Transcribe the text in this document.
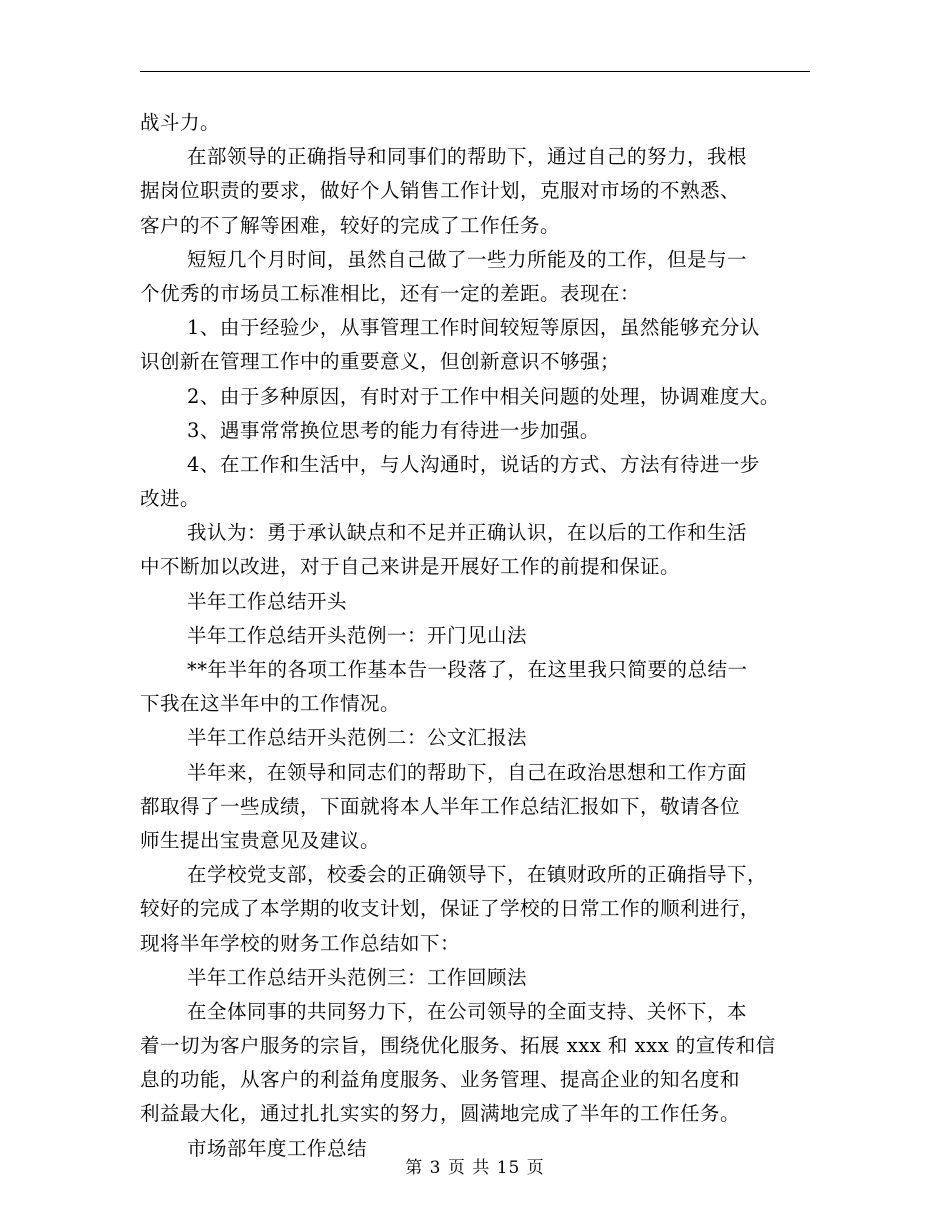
战斗力。
在部领导的正确指导和同事们的帮助下，通过自己的努力，我根
据岗位职责的要求，做好个人销售工作计划，克服对市场的不熟悉、
客户的不了解等困难，较好的完成了工作任务。
短短几个月时间，虽然自己做了一些力所能及的工作，但是与一
个优秀的市场员工标准相比，还有一定的差距。表现在：
1、由于经验少，从事管理工作时间较短等原因，虽然能够充分认
识创新在管理工作中的重要意义，但创新意识不够强；
2、由于多种原因，有时对于工作中相关问题的处理，协调难度大。
3、遇事常常换位思考的能力有待进一步加强。
4、在工作和生活中，与人沟通时，说话的方式、方法有待进一步
改进。
我认为：勇于承认缺点和不足并正确认识，在以后的工作和生活
中不断加以改进，对于自己来讲是开展好工作的前提和保证。
半年工作总结开头
半年工作总结开头范例一：开门见山法
**年半年的各项工作基本告一段落了，在这里我只简要的总结一
下我在这半年中的工作情况。
半年工作总结开头范例二：公文汇报法
半年来，在领导和同志们的帮助下，自己在政治思想和工作方面
都取得了一些成绩，下面就将本人半年工作总结汇报如下，敬请各位
师生提出宝贵意见及建议。
在学校党支部，校委会的正确领导下，在镇财政所的正确指导下，
较好的完成了本学期的收支计划，保证了学校的日常工作的顺利进行，
现将半年学校的财务工作总结如下：
半年工作总结开头范例三：工作回顾法
在全体同事的共同努力下，在公司领导的全面支持、关怀下，本
着一切为客户服务的宗旨，围绕优化服务、拓展 xxx 和 xxx 的宣传和信
息的功能，从客户的利益角度服务、业务管理、提高企业的知名度和
利益最大化，通过扎扎实实的努力，圆满地完成了半年的工作任务。
市场部年度工作总结
第 3 页 共 15 页
